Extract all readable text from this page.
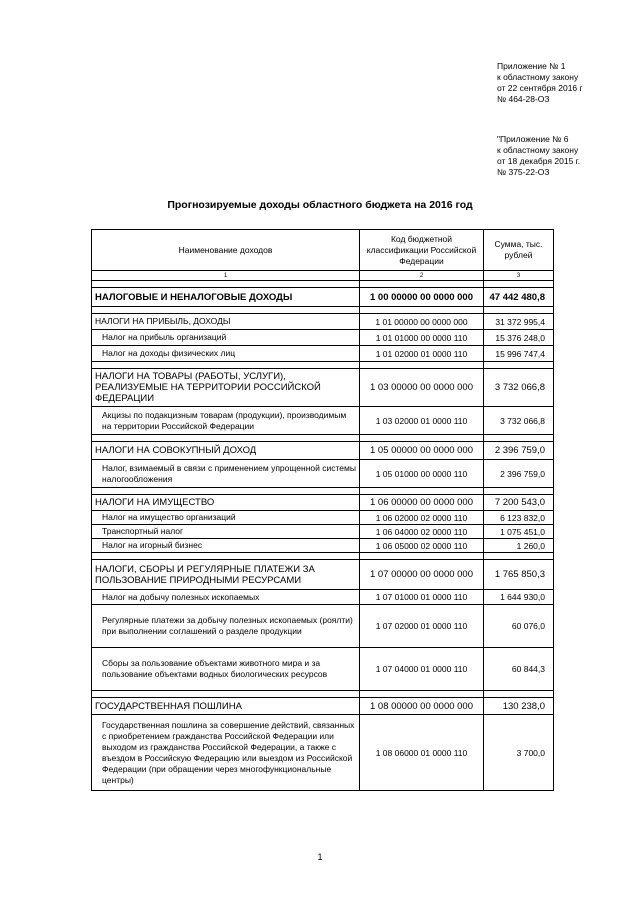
Приложение № 1
к областному закону
от 22 сентября 2016 г
№ 464-28-ОЗ
"Приложение № 6
к областному закону
от 18 декабря 2015 г.
№ 375-22-ОЗ
Прогнозируемые доходы областного бюджета на 2016 год
Наименование доходов	Код бюджетной классификации Российской Федерации	Сумма, тыс. рублей
1	2	3

НАЛОГОВЫЕ И НЕНАЛОГОВЫЕ ДОХОДЫ	1 00 00000 00 0000 000	47 442 480,8

НАЛОГИ НА ПРИБЫЛЬ, ДОХОДЫ	1 01 00000 00 0000 000	31 372 995,4
Налог на прибыль организаций	1 01 01000 00 0000 110	15 376 248,0
Налог на доходы физических лиц	1 01 02000 01 0000 110	15 996 747,4

НАЛОГИ НА ТОВАРЫ (РАБОТЫ, УСЛУГИ), РЕАЛИЗУЕМЫЕ НА ТЕРРИТОРИИ РОССИЙСКОЙ ФЕДЕРАЦИИ	1 03 00000 00 0000 000	3 732 066,8
Акцизы по подакцизным товарам (продукции), производимым на территории Российской Федерации	1 03 02000 01 0000 110	3 732 066,8

НАЛОГИ НА СОВОКУПНЫЙ ДОХОД	1 05 00000 00 0000 000	2 396 759,0
Налог, взимаемый в связи с применением упрощенной системы налогообложения	1 05 01000 00 0000 110	2 396 759,0

НАЛОГИ НА ИМУЩЕСТВО	1 06 00000 00 0000 000	7 200 543,0
Налог на имущество организаций	1 06 02000 02 0000 110	6 123 832,0
Транспортный налог	1 06 04000 02 0000 110	1 075 451,0
Налог на игорный бизнес	1 06 05000 02 0000 110	1 260,0

НАЛОГИ, СБОРЫ И РЕГУЛЯРНЫЕ ПЛАТЕЖИ ЗА ПОЛЬЗОВАНИЕ ПРИРОДНЫМИ РЕСУРСАМИ	1 07 00000 00 0000 000	1 765 850,3
Налог на добычу полезных ископаемых	1 07 01000 01 0000 110	1 644 930,0
Регулярные платежи за добычу полезных ископаемых (роялти) при выполнении соглашений о разделе продукции	1 07 02000 01 0000 110	60 076,0
Сборы за пользование объектами животного мира и за пользование объектами водных биологических ресурсов	1 07 04000 01 0000 110	60 844,3

ГОСУДАРСТВЕННАЯ ПОШЛИНА	1 08 00000 00 0000 000	130 238,0
Государственная пошлина за совершение действий, связанных с приобретением гражданства Российской Федерации или выходом из гражданства Российской Федерации, а также с въездом в Российскую Федерацию или выездом из Российской Федерации (при обращении через многофункциональные центры)	1 08 06000 01 0000 110	3 700,0
1
